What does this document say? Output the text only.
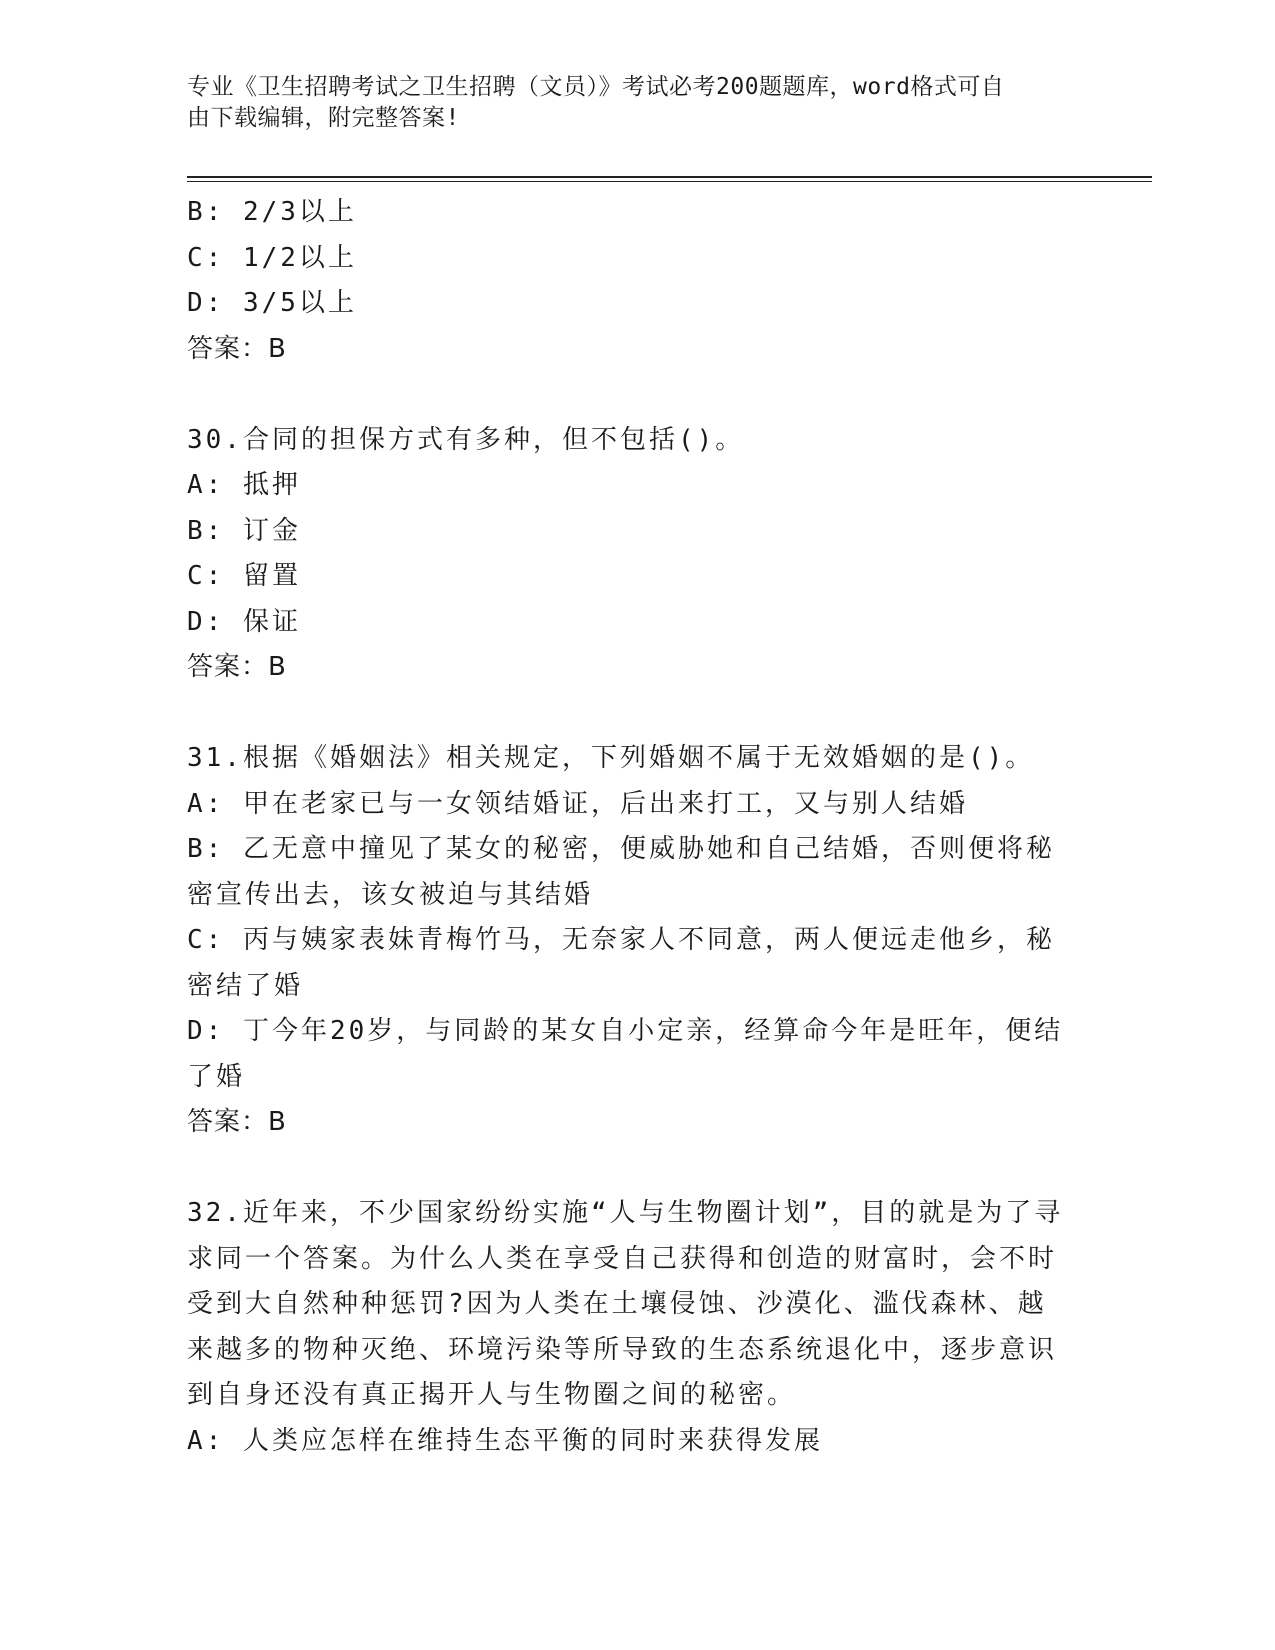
专业《卫生招聘考试之卫生招聘（文员）》考试必考200题题库，word格式可自
由下载编辑，附完整答案!
B: 2/3以上
C: 1/2以上
D: 3/5以上
答案：B
30.合同的担保方式有多种，但不包括()。
A: 抵押
B: 订金
C: 留置
D: 保证
答案：B
31.根据《婚姻法》相关规定，下列婚姻不属于无效婚姻的是()。
A: 甲在老家已与一女领结婚证，后出来打工，又与别人结婚
B: 乙无意中撞见了某女的秘密，便威胁她和自己结婚，否则便将秘密宣传出去，该女被迫与其结婚
C: 丙与姨家表妹青梅竹马，无奈家人不同意，两人便远走他乡，秘密结了婚
D: 丁今年20岁，与同龄的某女自小定亲，经算命今年是旺年，便结了婚
答案：B
32.近年来，不少国家纷纷实施“人与生物圈计划”，目的就是为了寻求同一个答案。为什么人类在享受自己获得和创造的财富时，会不时受到大自然种种惩罚?因为人类在土壤侵蚀、沙漠化、滥伐森林、越来越多的物种灭绝、环境污染等所导致的生态系统退化中，逐步意识到自身还没有真正揭开人与生物圈之间的秘密。
A: 人类应怎样在维持生态平衡的同时来获得发展
